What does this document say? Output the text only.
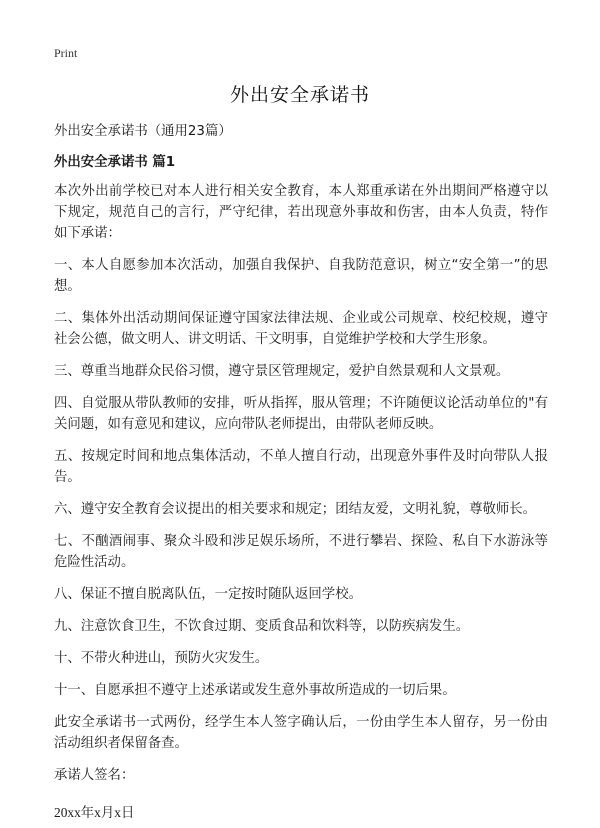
Print
外出安全承诺书

外出安全承诺书（通用23篇）

外出安全承诺书 篇1

本次外出前学校已对本人进行相关安全教育，本人郑重承诺在外出期间严格遵守以下规定，规范自己的言行，严守纪律，若出现意外事故和伤害，由本人负责，特作如下承诺：

一、本人自愿参加本次活动，加强自我保护、自我防范意识，树立“安全第一”的思想。

二、集体外出活动期间保证遵守国家法律法规、企业或公司规章、校纪校规，遵守社会公德，做文明人、讲文明话、干文明事，自觉维护学校和大学生形象。

三、尊重当地群众民俗习惯，遵守景区管理规定，爱护自然景观和人文景观。

四、自觉服从带队教师的安排，听从指挥，服从管理；不许随便议论活动单位的"有关问题，如有意见和建议，应向带队老师提出，由带队老师反映。

五、按规定时间和地点集体活动，不单人擅自行动，出现意外事件及时向带队人报告。

六、遵守安全教育会议提出的相关要求和规定；团结友爱，文明礼貌，尊敬师长。

七、不酗酒闹事、聚众斗殴和涉足娱乐场所，不进行攀岩、探险、私自下水游泳等危险性活动。

八、保证不擅自脱离队伍，一定按时随队返回学校。

九、注意饮食卫生，不饮食过期、变质食品和饮料等，以防疾病发生。

十、不带火种进山，预防火灾发生。

十一、自愿承担不遵守上述承诺或发生意外事故所造成的一切后果。

此安全承诺书一式两份，经学生本人签字确认后，一份由学生本人留存，另一份由活动组织者保留备查。

承诺人签名：

20xx年x月x日
